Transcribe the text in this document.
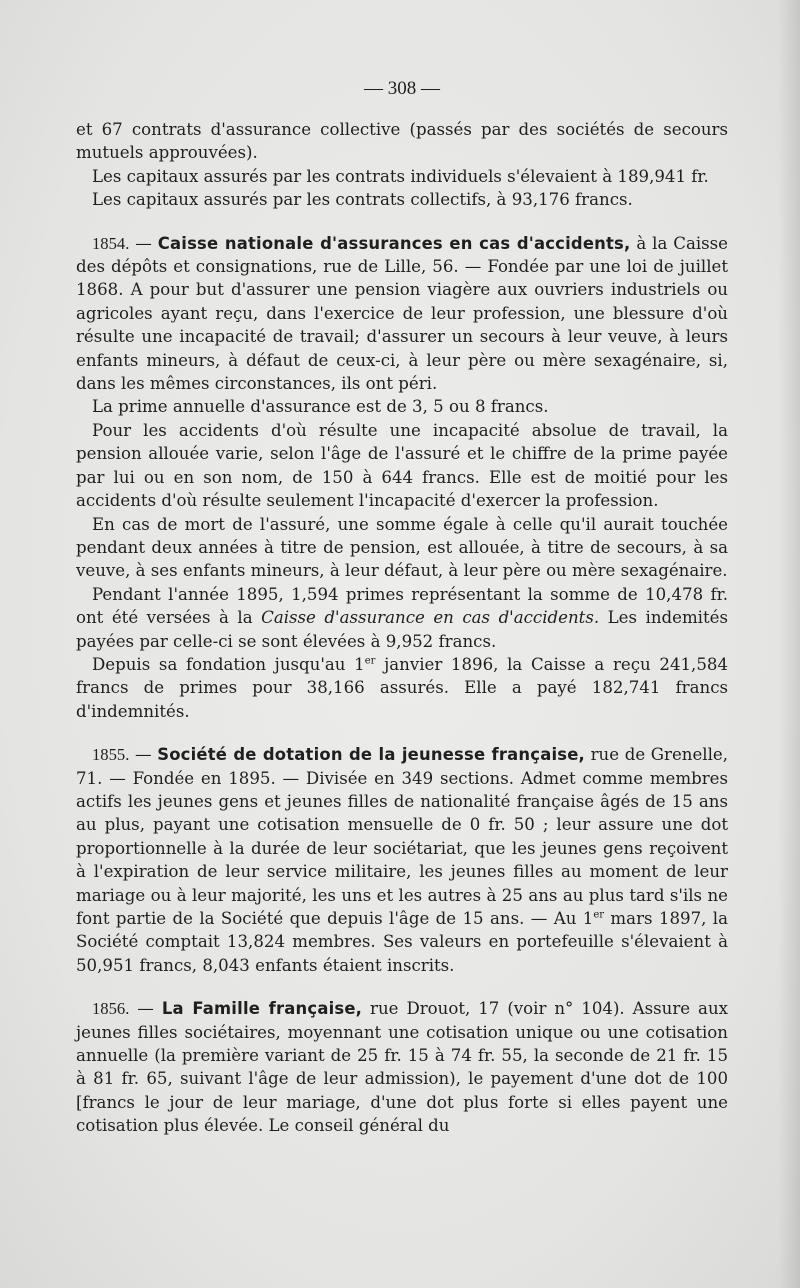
— 308 —

et 67 contrats d'assurance collective (passés par des sociétés de secours mutuels approuvées).

Les capitaux assurés par les contrats individuels s'élevaient à 189,941 fr.

Les capitaux assurés par les contrats collectifs, à 93,176 francs.

1854. — Caisse nationale d'assurances en cas d'accidents, à la Caisse des dépôts et consignations, rue de Lille, 56. — Fondée par une loi de juillet 1868. A pour but d'assurer une pension viagère aux ouvriers industriels ou agricoles ayant reçu, dans l'exercice de leur profession, une blessure d'où résulte une incapacité de travail; d'assurer un secours à leur veuve, à leurs enfants mineurs, à défaut de ceux-ci, à leur père ou mère sexagénaire, si, dans les mêmes circonstances, ils ont péri.

La prime annuelle d'assurance est de 3, 5 ou 8 francs.

Pour les accidents d'où résulte une incapacité absolue de travail, la pension allouée varie, selon l'âge de l'assuré et le chiffre de la prime payée par lui ou en son nom, de 150 à 644 francs. Elle est de moitié pour les accidents d'où résulte seulement l'incapacité d'exercer la profession.

En cas de mort de l'assuré, une somme égale à celle qu'il aurait touchée pendant deux années à titre de pension, est allouée, à titre de secours, à sa veuve, à ses enfants mineurs, à leur défaut, à leur père ou mère sexagénaire.

Pendant l'année 1895, 1,594 primes représentant la somme de 10,478 fr. ont été versées à la Caisse d'assurance en cas d'accidents. Les indemités payées par celle-ci se sont élevées à 9,952 francs.

Depuis sa fondation jusqu'au 1er janvier 1896, la Caisse a reçu 241,584 francs de primes pour 38,166 assurés. Elle a payé 182,741 francs d'indemnités.

1855. — Société de dotation de la jeunesse française, rue de Grenelle, 71. — Fondée en 1895. — Divisée en 349 sections. Admet comme membres actifs les jeunes gens et jeunes filles de nationalité française âgés de 15 ans au plus, payant une cotisation mensuelle de 0 fr. 50 ; leur assure une dot proportionnelle à la durée de leur sociétariat, que les jeunes gens reçoivent à l'expiration de leur service militaire, les jeunes filles au moment de leur mariage ou à leur majorité, les uns et les autres à 25 ans au plus tard s'ils ne font partie de la Société que depuis l'âge de 15 ans. — Au 1er mars 1897, la Société comptait 13,824 membres. Ses valeurs en portefeuille s'élevaient à 50,951 francs, 8,043 enfants étaient inscrits.

1856. — La Famille française, rue Drouot, 17 (voir n° 104). Assure aux jeunes filles sociétaires, moyennant une cotisation unique ou une cotisation annuelle (la première variant de 25 fr. 15 à 74 fr. 55, la seconde de 21 fr. 15 à 81 fr. 65, suivant l'âge de leur admission), le payement d'une dot de 100 [francs le jour de leur mariage, d'une dot plus forte si elles payent une cotisation plus élevée. Le conseil général du
